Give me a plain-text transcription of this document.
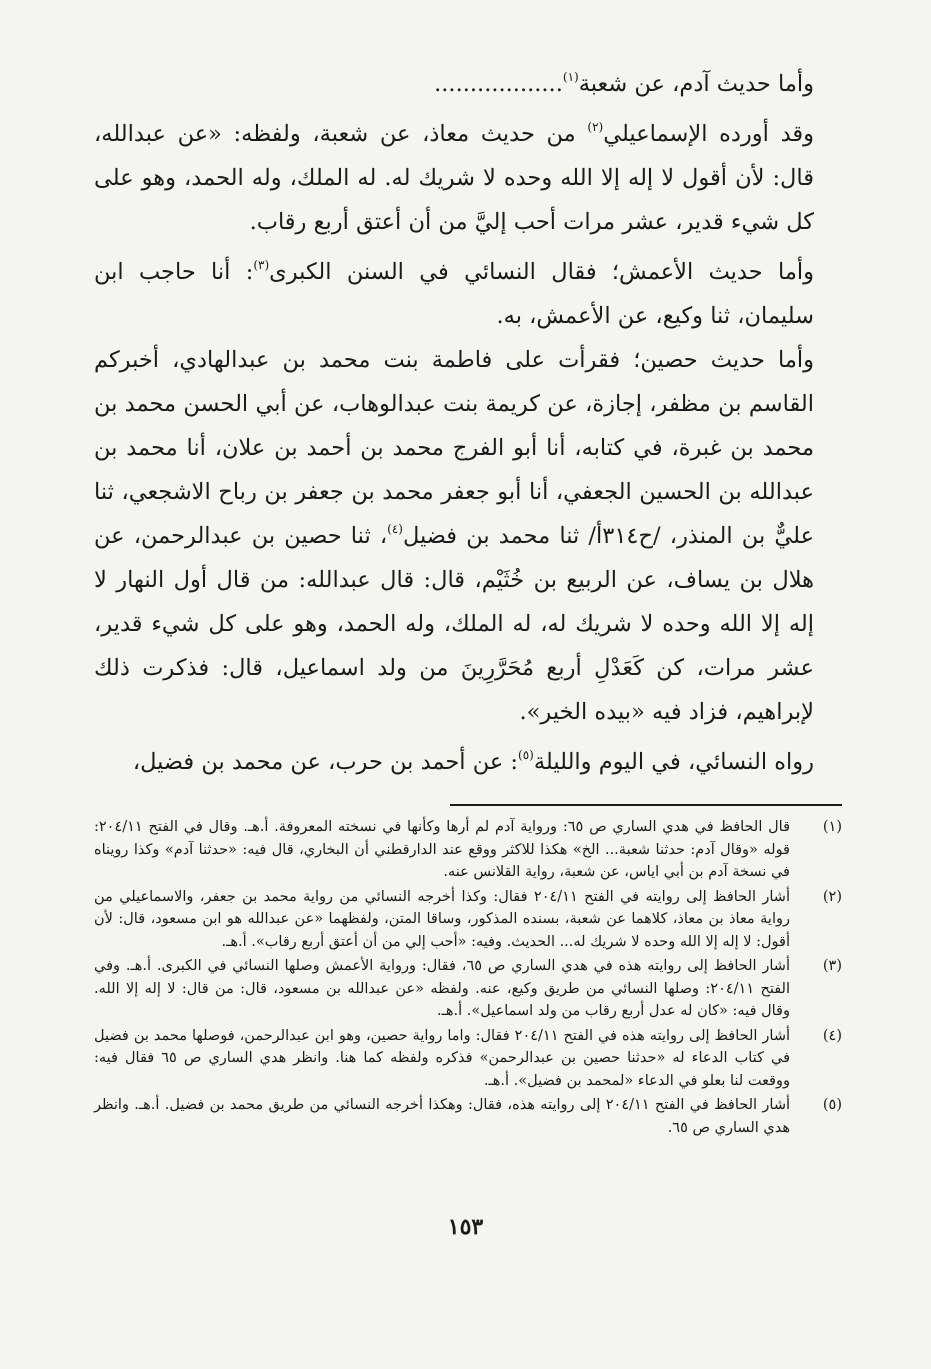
وأما حديث آدم، عن شعبة$^{(١)}$..................

وقد أورده الإسماعيلي$^{(٢)}$ من حديث معاذ، عن شعبة، ولفظه: «عن عبدالله، قال: لأن أقول لا إله إلا الله وحده لا شريك له. له الملك، وله الحمد، وهو على كل شيء قدير، عشر مرات أحب إليَّ من أن أعتق أربع رقاب.

وأما حديث الأعمش؛ فقال النسائي في السنن الكبرى$^{(٣)}$: أنا حاجب ابن سليمان، ثنا وكيع، عن الأعمش، به.

وأما حديث حصين؛ فقرأت على فاطمة بنت محمد بن عبدالهادي، أخبركم القاسم بن مظفر، إجازة، عن كريمة بنت عبدالوهاب، عن أبي الحسن محمد بن محمد بن غبرة، في كتابه، أنا أبو الفرج محمد بن أحمد بن علان، أنا محمد بن عبدالله بن الحسين الجعفي، أنا أبو جعفر محمد بن جعفر بن رباح الاشجعي، ثنا عليٌّ بن المنذر، /ح٣١٤أ/ ثنا محمد بن فضيل$^{(٤)}$، ثنا حصين بن عبدالرحمن، عن هلال بن يساف، عن الربيع بن خُثَيْم، قال: قال عبدالله: من قال أول النهار لا إله إلا الله وحده لا شريك له، له الملك، وله الحمد، وهو على كل شيء قدير، عشر مرات، كن كَعَدْلِ أربع مُحَرَّرِينَ من ولد اسماعيل، قال: فذكرت ذلك لإبراهيم، فزاد فيه «بيده الخير».

رواه النسائي، في اليوم والليلة$^{(٥)}$: عن أحمد بن حرب، عن محمد بن فضيل،

(١)
قال الحافظ في هدي الساري ص ٦٥: ورواية آدم لم أرها وكأنها في نسخته المعروفة. أ.هـ. وقال في الفتح ٢٠٤/١١: قوله «وقال آدم: حدثنا شعبة... الخ» هكذا للاكثر ووقع عند الدارقطني أن البخاري، قال فيه: «حدثنا آدم» وكذا رويناه في نسخة آدم بن أبي اياس، عن شعبة، رواية القلانس عنه.
(٢)
أشار الحافظ إلى روايته في الفتح ٢٠٤/١١ فقال: وكذا أخرجه النسائي من رواية محمد بن جعفر، والاسماعيلي من رواية معاذ بن معاذ، كلاهما عن شعبة، بسنده المذكور، وساقا المتن، ولفظهما «عن عبدالله هو ابن مسعود، قال: لأن أقول: لا إله إلا الله وحده لا شريك له... الحديث. وفيه: «أحب إلي من أن أعتق أربع رقاب». أ.هـ.
(٣)
أشار الحافظ إلى روايته هذه في هدي الساري ص ٦٥، فقال: ورواية الأعمش وصلها النسائي في الكبرى. أ.هـ. وفي الفتح ٢٠٤/١١: وصلها النسائي من طريق وكيع، عنه. ولفظه «عن عبدالله بن مسعود، قال: من قال: لا إله إلا الله. وقال فيه: «كان له عدل أربع رقاب من ولد اسماعيل». أ.هـ.
(٤)
أشار الحافظ إلى روايته هذه في الفتح ٢٠٤/١١ فقال: واما رواية حصين، وهو ابن عبدالرحمن، فوصلها محمد بن فضيل في كتاب الدعاء له «حدثنا حصين بن عبدالرحمن» فذكره ولفظه كما هنا. وانظر هدي الساري ص ٦٥ فقال فيه: ووقعت لنا بعلو في الدعاء «لمحمد بن فضيل». أ.هـ.
(٥)
أشار الحافظ في الفتح ٢٠٤/١١ إلى روايته هذه، فقال: وهكذا أخرجه النسائي من طريق محمد بن فضيل. أ.هـ. وانظر هدي الساري ص ٦٥.
١٥٣
